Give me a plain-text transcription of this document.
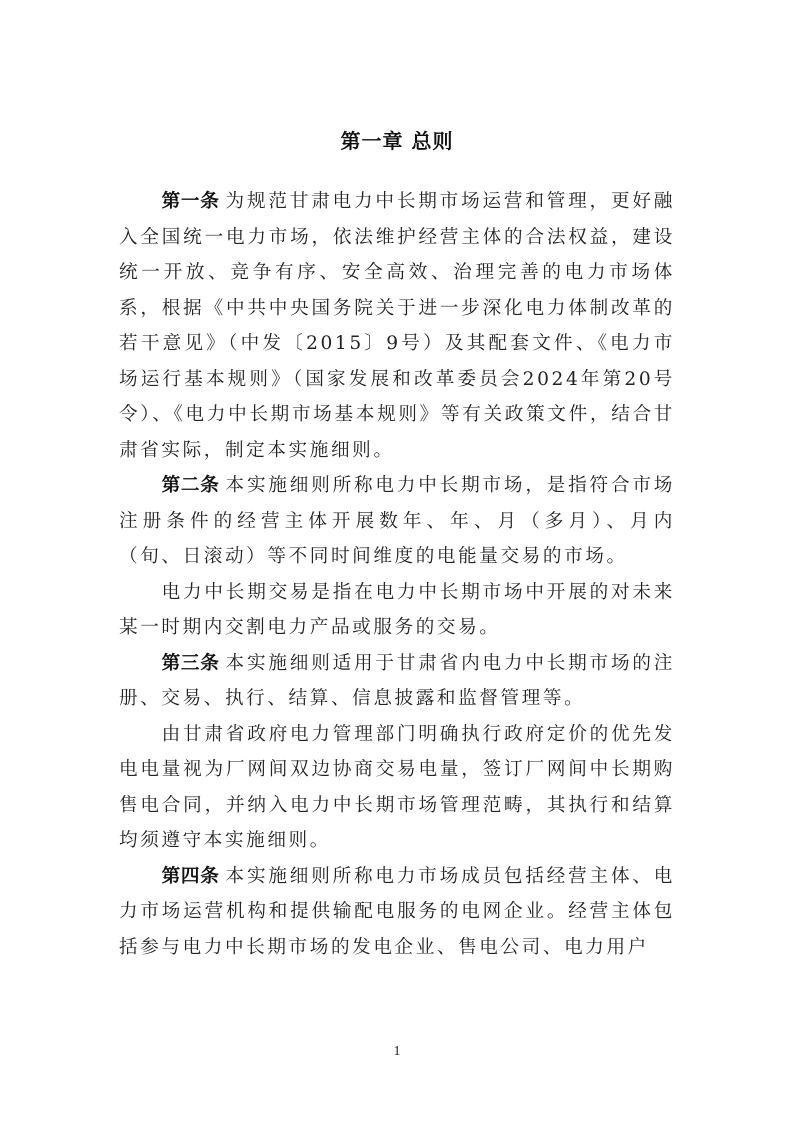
第一章 总则

第一条 为规范甘肃电力中长期市场运营和管理，更好融入全国统一电力市场，依法维护经营主体的合法权益，建设统一开放、竞争有序、安全高效、治理完善的电力市场体系，根据《中共中央国务院关于进一步深化电力体制改革的若干意见》（中发〔2015〕9号）及其配套文件、《电力市场运行基本规则》（国家发展和改革委员会2024年第20号令）、《电力中长期市场基本规则》等有关政策文件，结合甘肃省实际，制定本实施细则。

第二条 本实施细则所称电力中长期市场，是指符合市场注册条件的经营主体开展数年、年、月（多月）、月内（旬、日滚动）等不同时间维度的电能量交易的市场。

电力中长期交易是指在电力中长期市场中开展的对未来某一时期内交割电力产品或服务的交易。

第三条 本实施细则适用于甘肃省内电力中长期市场的注册、交易、执行、结算、信息披露和监督管理等。

由甘肃省政府电力管理部门明确执行政府定价的优先发电电量视为厂网间双边协商交易电量，签订厂网间中长期购售电合同，并纳入电力中长期市场管理范畴，其执行和结算均须遵守本实施细则。

第四条 本实施细则所称电力市场成员包括经营主体、电力市场运营机构和提供输配电服务的电网企业。经营主体包括参与电力中长期市场的发电企业、售电公司、电力用户

1
